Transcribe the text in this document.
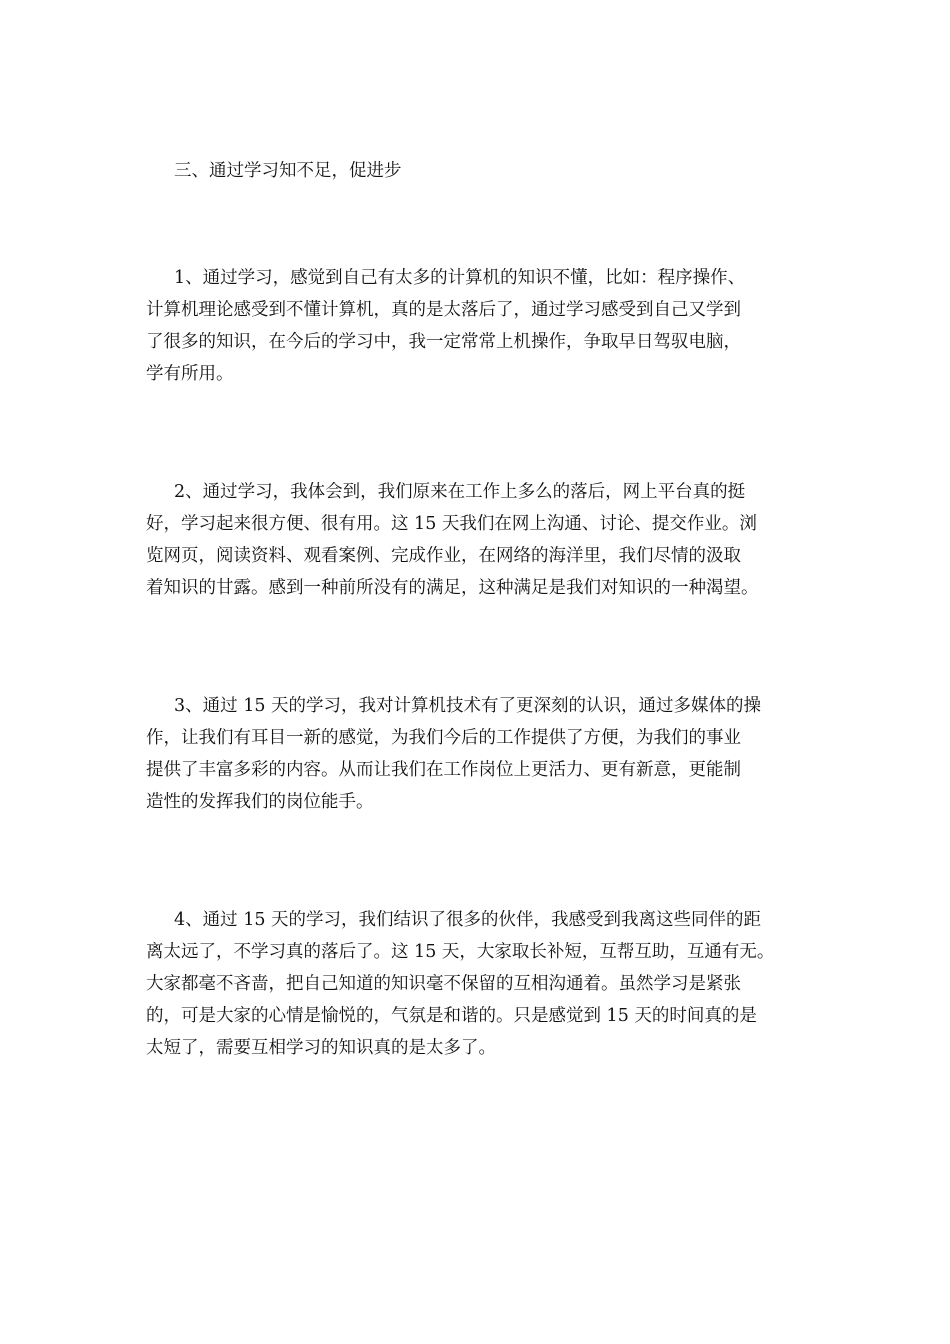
三、通过学习知不足，促进步
1、通过学习，感觉到自己有太多的计算机的知识不懂，比如：程序操作、
计算机理论感受到不懂计算机，真的是太落后了，通过学习感受到自己又学到
了很多的知识，在今后的学习中，我一定常常上机操作，争取早日驾驭电脑，
学有所用。
2、通过学习，我体会到，我们原来在工作上多么的落后，网上平台真的挺
好，学习起来很方便、很有用。这 15 天我们在网上沟通、讨论、提交作业。浏
览网页，阅读资料、观看案例、完成作业，在网络的海洋里，我们尽情的汲取
着知识的甘露。感到一种前所没有的满足，这种满足是我们对知识的一种渴望。
3、通过 15 天的学习，我对计算机技术有了更深刻的认识，通过多媒体的操
作，让我们有耳目一新的感觉，为我们今后的工作提供了方便，为我们的事业
提供了丰富多彩的内容。从而让我们在工作岗位上更活力、更有新意，更能制
造性的发挥我们的岗位能手。
4、通过 15 天的学习，我们结识了很多的伙伴，我感受到我离这些同伴的距
离太远了，不学习真的落后了。这 15 天，大家取长补短，互帮互助，互通有无。
大家都毫不吝啬，把自己知道的知识毫不保留的互相沟通着。虽然学习是紧张
的，可是大家的心情是愉悦的，气氛是和谐的。只是感觉到 15 天的时间真的是
太短了，需要互相学习的知识真的是太多了。
